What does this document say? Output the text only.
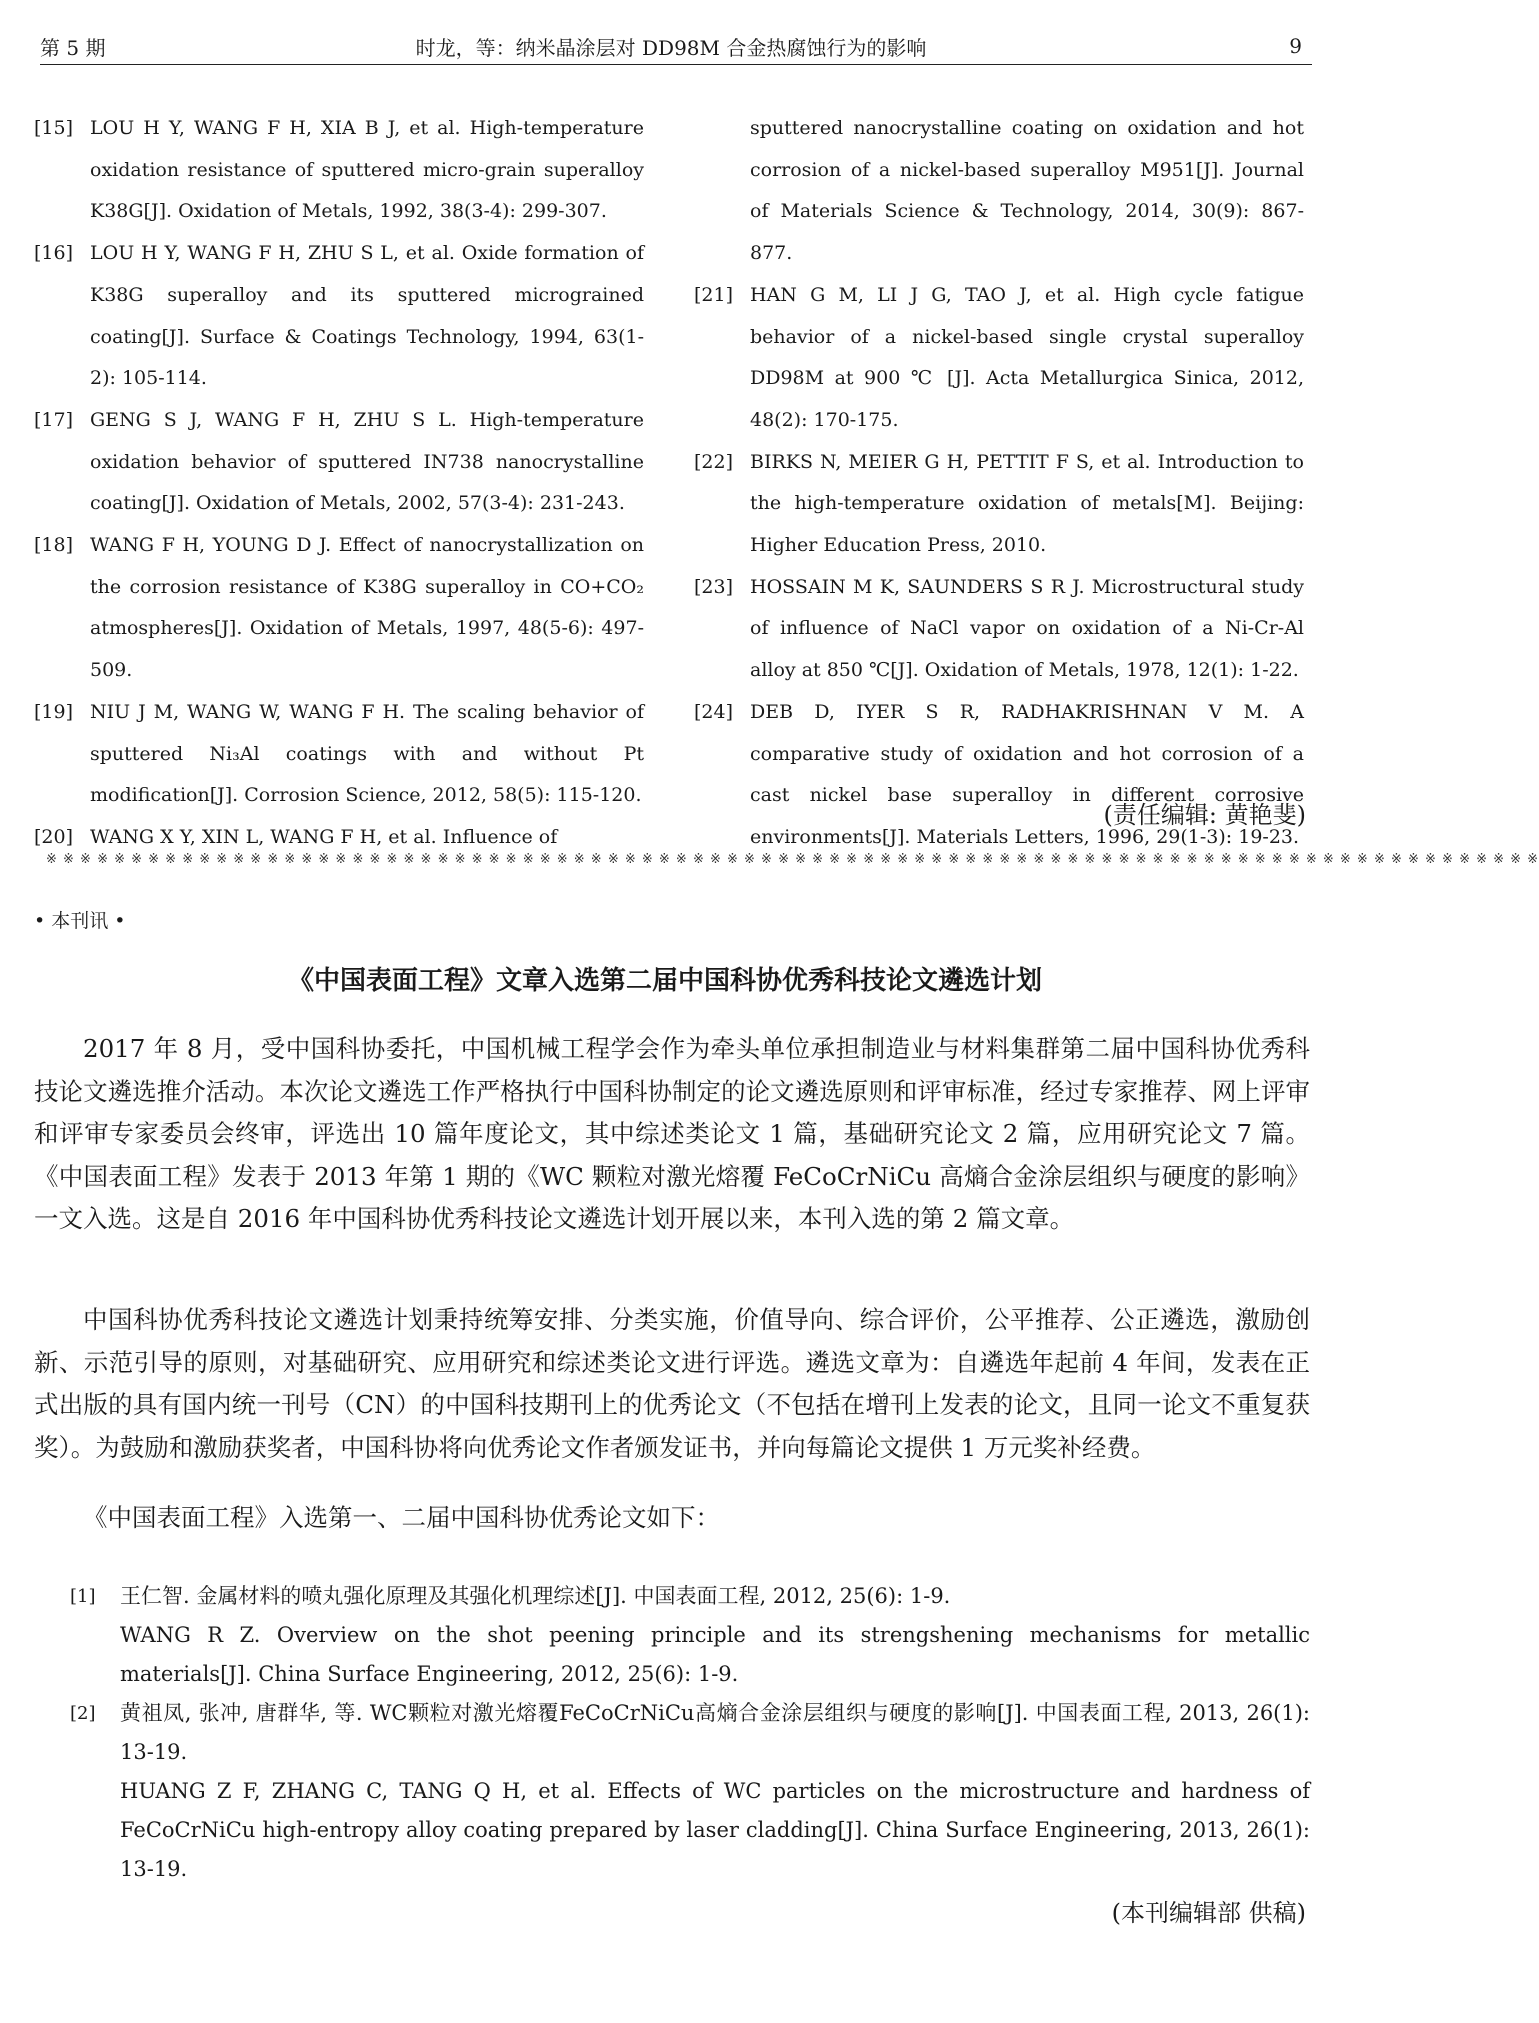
第 5 期	时龙，等：纳米晶涂层对 DD98M 合金热腐蚀行为的影响	9
[15] LOU H Y, WANG F H, XIA B J, et al. High-temperature oxidation resistance of sputtered micro-grain superalloy K38G[J]. Oxidation of Metals, 1992, 38(3-4): 299-307.
[16] LOU H Y, WANG F H, ZHU S L, et al. Oxide formation of K38G superalloy and its sputtered micrograined coating[J]. Surface & Coatings Technology, 1994, 63(1-2): 105-114.
[17] GENG S J, WANG F H, ZHU S L. High-temperature oxidation behavior of sputtered IN738 nanocrystalline coating[J]. Oxidation of Metals, 2002, 57(3-4): 231-243.
[18] WANG F H, YOUNG D J. Effect of nanocrystallization on the corrosion resistance of K38G superalloy in CO+CO₂ atmospheres[J]. Oxidation of Metals, 1997, 48(5-6): 497-509.
[19] NIU J M, WANG W, WANG F H. The scaling behavior of sputtered Ni₃Al coatings with and without Pt modification[J]. Corrosion Science, 2012, 58(5): 115-120.
[20] WANG X Y, XIN L, WANG F H, et al. Influence of
sputtered nanocrystalline coating on oxidation and hot corrosion of a nickel-based superalloy M951[J]. Journal of Materials Science & Technology, 2014, 30(9): 867-877.
[21] HAN G M, LI J G, TAO J, et al. High cycle fatigue behavior of a nickel-based single crystal superalloy DD98M at 900 ℃ [J]. Acta Metallurgica Sinica, 2012, 48(2): 170-175.
[22] BIRKS N, MEIER G H, PETTIT F S, et al. Introduction to the high-temperature oxidation of metals[M]. Beijing: Higher Education Press, 2010.
[23] HOSSAIN M K, SAUNDERS S R J. Microstructural study of influence of NaCl vapor on oxidation of a Ni-Cr-Al alloy at 850 ℃[J]. Oxidation of Metals, 1978, 12(1): 1-22.
[24] DEB D, IYER S R, RADHAKRISHNAN V M. A comparative study of oxidation and hot corrosion of a cast nickel base superalloy in different corrosive environments[J]. Materials Letters, 1996, 29(1-3): 19-23.
(责任编辑: 黄艳斐)
※ ※ ※ ※ ※ ※ ※ ※ ※ ※ ※ ※ ※ ※ ※ ※ ※ ※ ※ ※ ※ ※ ※ ※ ※ ※ ※ ※ ※ ※ ※ ※ ※ ※ ※ ※ ※ ※ ※ ※ ※ ※ ※ ※ ※ ※ ※ ※ ※ ※ ※ ※ ※ ※ ※ ※ ※ ※ ※ ※ ※ ※ ※ ※ ※ ※ ※ ※ ※ ※ ※ ※ ※ ※ ※ ※ ※ ※ ※ ※ ※ ※ ※ ※ ※ ※ ※ ※
• 本刊讯 •
《中国表面工程》文章入选第二届中国科协优秀科技论文遴选计划

2017 年 8 月，受中国科协委托，中国机械工程学会作为牵头单位承担制造业与材料集群第二届中国科协优秀科技论文遴选推介活动。本次论文遴选工作严格执行中国科协制定的论文遴选原则和评审标准，经过专家推荐、网上评审和评审专家委员会终审，评选出 10 篇年度论文，其中综述类论文 1 篇，基础研究论文 2 篇，应用研究论文 7 篇。《中国表面工程》发表于 2013 年第 1 期的《WC 颗粒对激光熔覆 FeCoCrNiCu 高熵合金涂层组织与硬度的影响》一文入选。这是自 2016 年中国科协优秀科技论文遴选计划开展以来，本刊入选的第 2 篇文章。

中国科协优秀科技论文遴选计划秉持统筹安排、分类实施，价值导向、综合评价，公平推荐、公正遴选，激励创新、示范引导的原则，对基础研究、应用研究和综述类论文进行评选。遴选文章为：自遴选年起前 4 年间，发表在正式出版的具有国内统一刊号（CN）的中国科技期刊上的优秀论文（不包括在增刊上发表的论文，且同一论文不重复获奖）。为鼓励和激励获奖者，中国科协将向优秀论文作者颁发证书，并向每篇论文提供 1 万元奖补经费。

《中国表面工程》入选第一、二届中国科协优秀论文如下：

[1] 王仁智. 金属材料的喷丸强化原理及其强化机理综述[J]. 中国表面工程, 2012, 25(6): 1-9.
WANG R Z. Overview on the shot peening principle and its strengshening mechanisms for metallic materials[J]. China Surface Engineering, 2012, 25(6): 1-9.
[2] 黄祖凤, 张冲, 唐群华, 等. WC颗粒对激光熔覆FeCoCrNiCu高熵合金涂层组织与硬度的影响[J]. 中国表面工程, 2013, 26(1): 13-19.
HUANG Z F, ZHANG C, TANG Q H, et al. Effects of WC particles on the microstructure and hardness of FeCoCrNiCu high-entropy alloy coating prepared by laser cladding[J]. China Surface Engineering, 2013, 26(1): 13-19.
(本刊编辑部 供稿)
